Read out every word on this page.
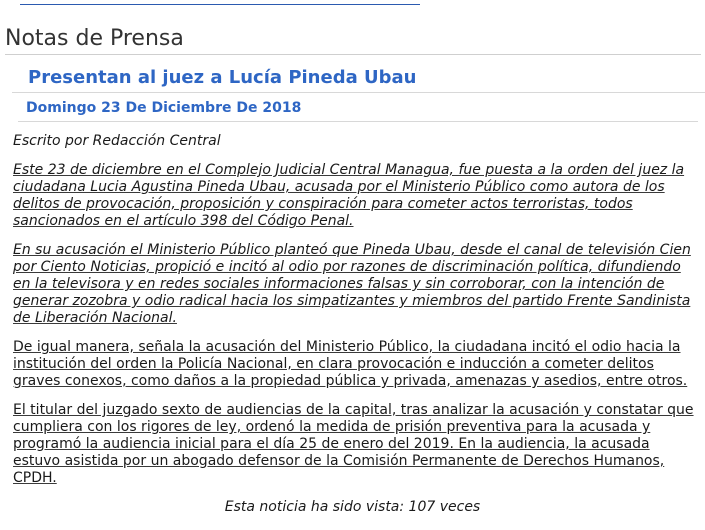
Notas de Prensa
Presentan al juez a Lucía Pineda Ubau
Domingo 23 De Diciembre De 2018

Escrito por Redacción Central

Este 23 de diciembre en el Complejo Judicial Central Managua, fue puesta a la orden del juez la ciudadana Lucia Agustina Pineda Ubau, acusada por el Ministerio Público como autora de los delitos de provocación, proposición y conspiración para cometer actos terroristas, todos sancionados en el artículo 398 del Código Penal.

En su acusación el Ministerio Público planteó que Pineda Ubau, desde el canal de televisión Cien por Ciento Noticias, propició e incitó al odio por razones de discriminación política, difundiendo en la televisora y en redes sociales informaciones falsas y sin corroborar, con la intención de generar zozobra y odio radical hacia los simpatizantes y miembros del partido Frente Sandinista de Liberación Nacional.

De igual manera, señala la acusación del Ministerio Público, la ciudadana incitó el odio hacia la institución del orden la Policía Nacional, en clara provocación e inducción a cometer delitos graves conexos, como daños a la propiedad pública y privada, amenazas y asedios, entre otros.

El titular del juzgado sexto de audiencias de la capital, tras analizar la acusación y constatar que cumpliera con los rigores de ley, ordenó la medida de prisión preventiva para la acusada y programó la audiencia inicial para el día 25 de enero del 2019. En la audiencia, la acusada estuvo asistida por un abogado defensor de la Comisión Permanente de Derechos Humanos, CPDH.

Esta noticia ha sido vista: 107 veces
